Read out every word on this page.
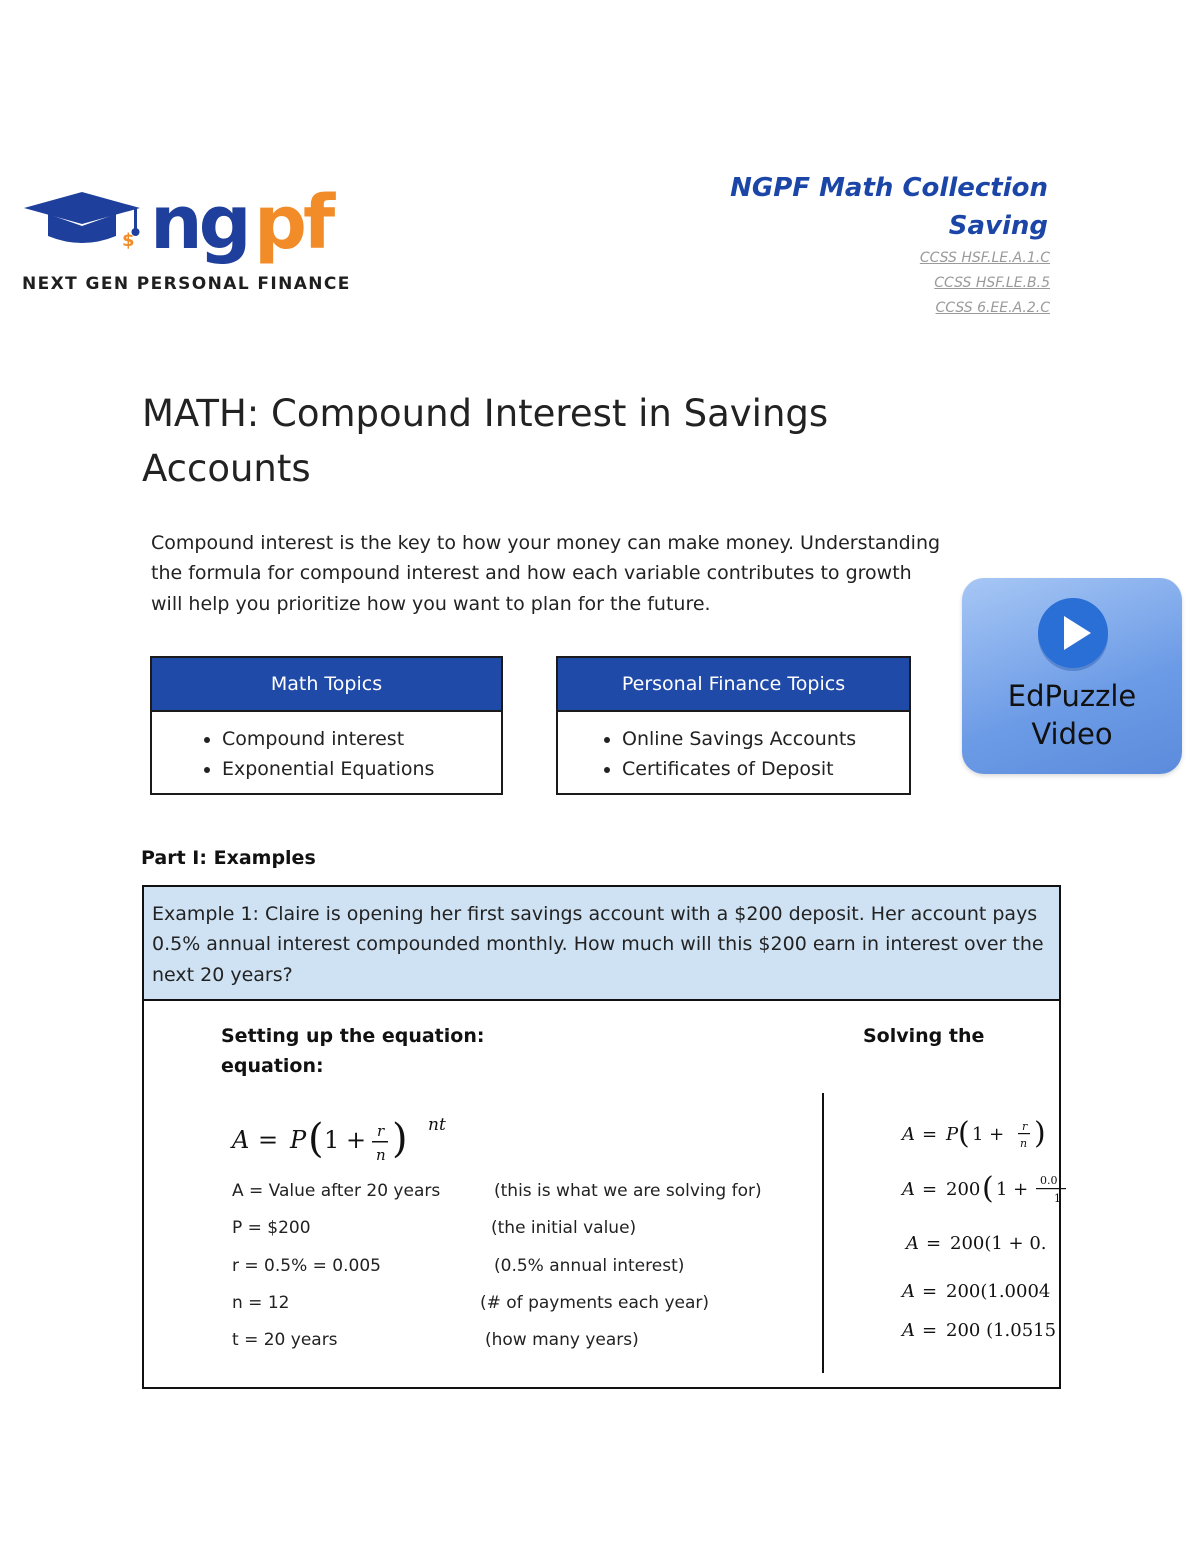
$ ng pf
NEXT GEN PERSONAL FINANCE
NGPF Math Collection
Saving
CCSS HSF.LE.A.1.C
CCSS HSF.LE.B.5
CCSS 6.EE.A.2.C
MATH: Compound Interest in Savings Accounts
Compound interest is the key to how your money can make money. Understanding the formula for compound interest and how each variable contributes to growth will help you prioritize how you want to plan for the future.
Math Topics
• Compound interest
• Exponential Equations
Personal Finance Topics
• Online Savings Accounts
• Certificates of Deposit
EdPuzzle
Video
Part I: Examples
Example 1: Claire is opening her first savings account with a $200 deposit. Her account pays 0.5% annual interest compounded monthly. How much will this $200 earn in interest over the next 20 years?
Setting up the equation:
equation:
Solving the
A = P ( 1 + r
n ) nt
A = Value after 20 years	(this is what we are solving for)
P = $200	(the initial value)
r = 0.5% = 0.005	(0.5% annual interest)
n = 12	(# of payments each year)
t = 20 years	(how many years)
A = P ( 1 + r
n )
A = 200 ( 1 + 0.0
1
A = 200(1 + 0.
A = 200(1.0004
A = 200 (1.0515
